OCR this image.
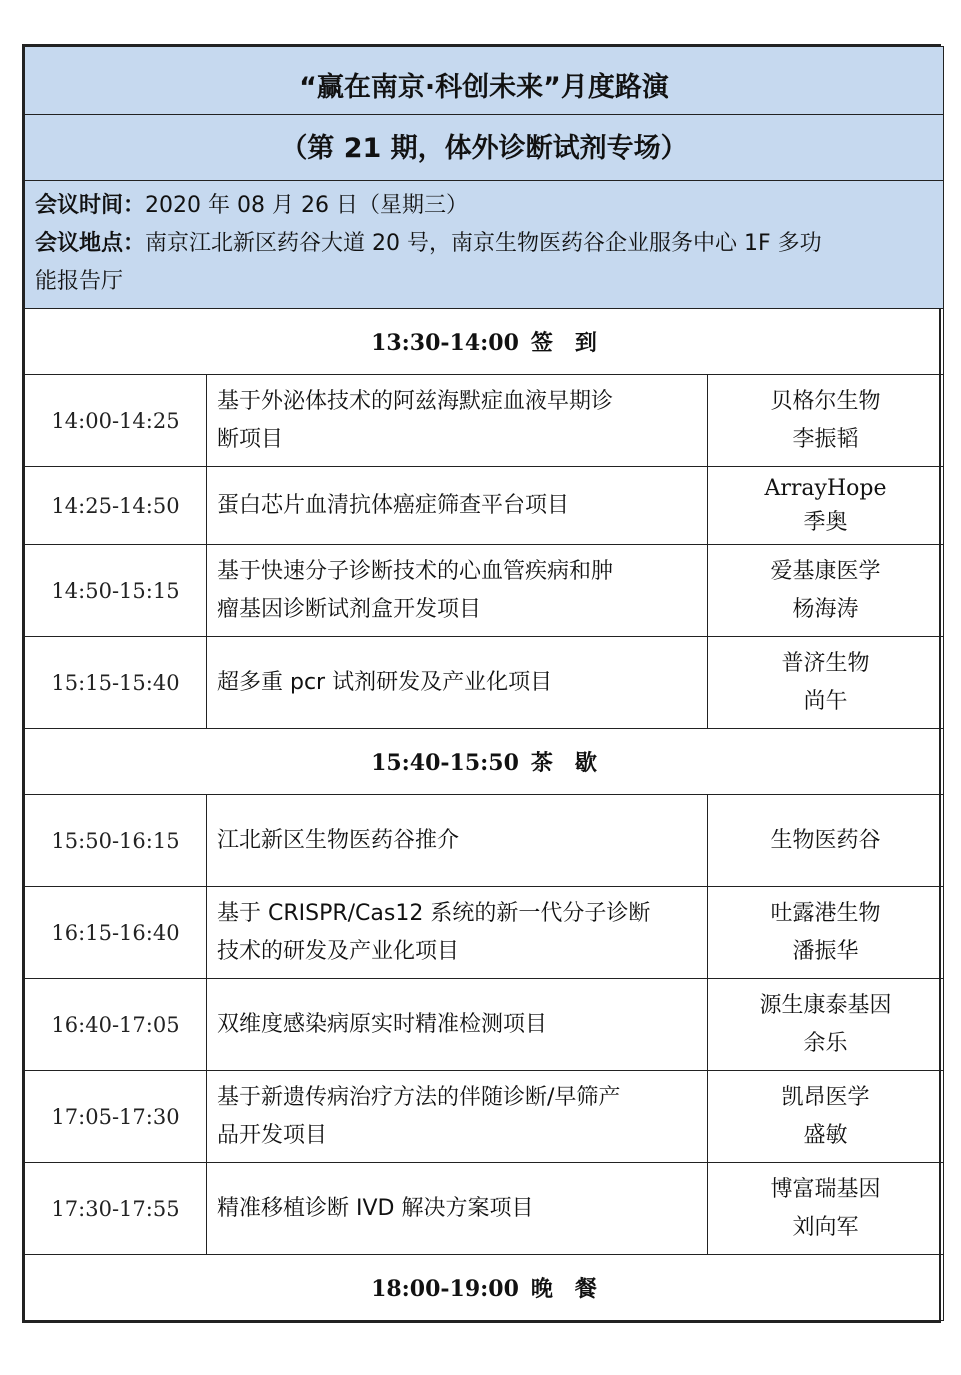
“赢在南京·科创未来”月度路演		
（第 21 期，体外诊断试剂专场）		

会议时间：2020 年 08 月 26 日（星期三）
会议地点：南京江北新区药谷大道 20 号，南京生物医药谷企业服务中心 1F 多功
能报告厅		

13:30-14:00 签　到		
14:00-14:25	基于外泌体技术的阿兹海默症血液早期诊
断项目	贝格尔生物
李振韬

14:25-14:50	蛋白芯片血清抗体癌症筛查平台项目	ArrayHope
季奥

14:50-15:15	基于快速分子诊断技术的心血管疾病和肿
瘤基因诊断试剂盒开发项目	爱基康医学
杨海涛

15:15-15:40	超多重 pcr 试剂研发及产业化项目	普济生物
尚午

15:40-15:50 茶　歇		
15:50-16:15	江北新区生物医药谷推介	生物医药谷

16:15-16:40	基于 CRISPR/Cas12 系统的新一代分子诊断
技术的研发及产业化项目	吐露港生物
潘振华

16:40-17:05	双维度感染病原实时精准检测项目	源生康泰基因
余乐

17:05-17:30	基于新遗传病治疗方法的伴随诊断/早筛产
品开发项目	凯昂医学
盛敏

17:30-17:55	精准移植诊断 IVD 解决方案项目	博富瑞基因
刘向军

18:00-19:00 晚　餐		
